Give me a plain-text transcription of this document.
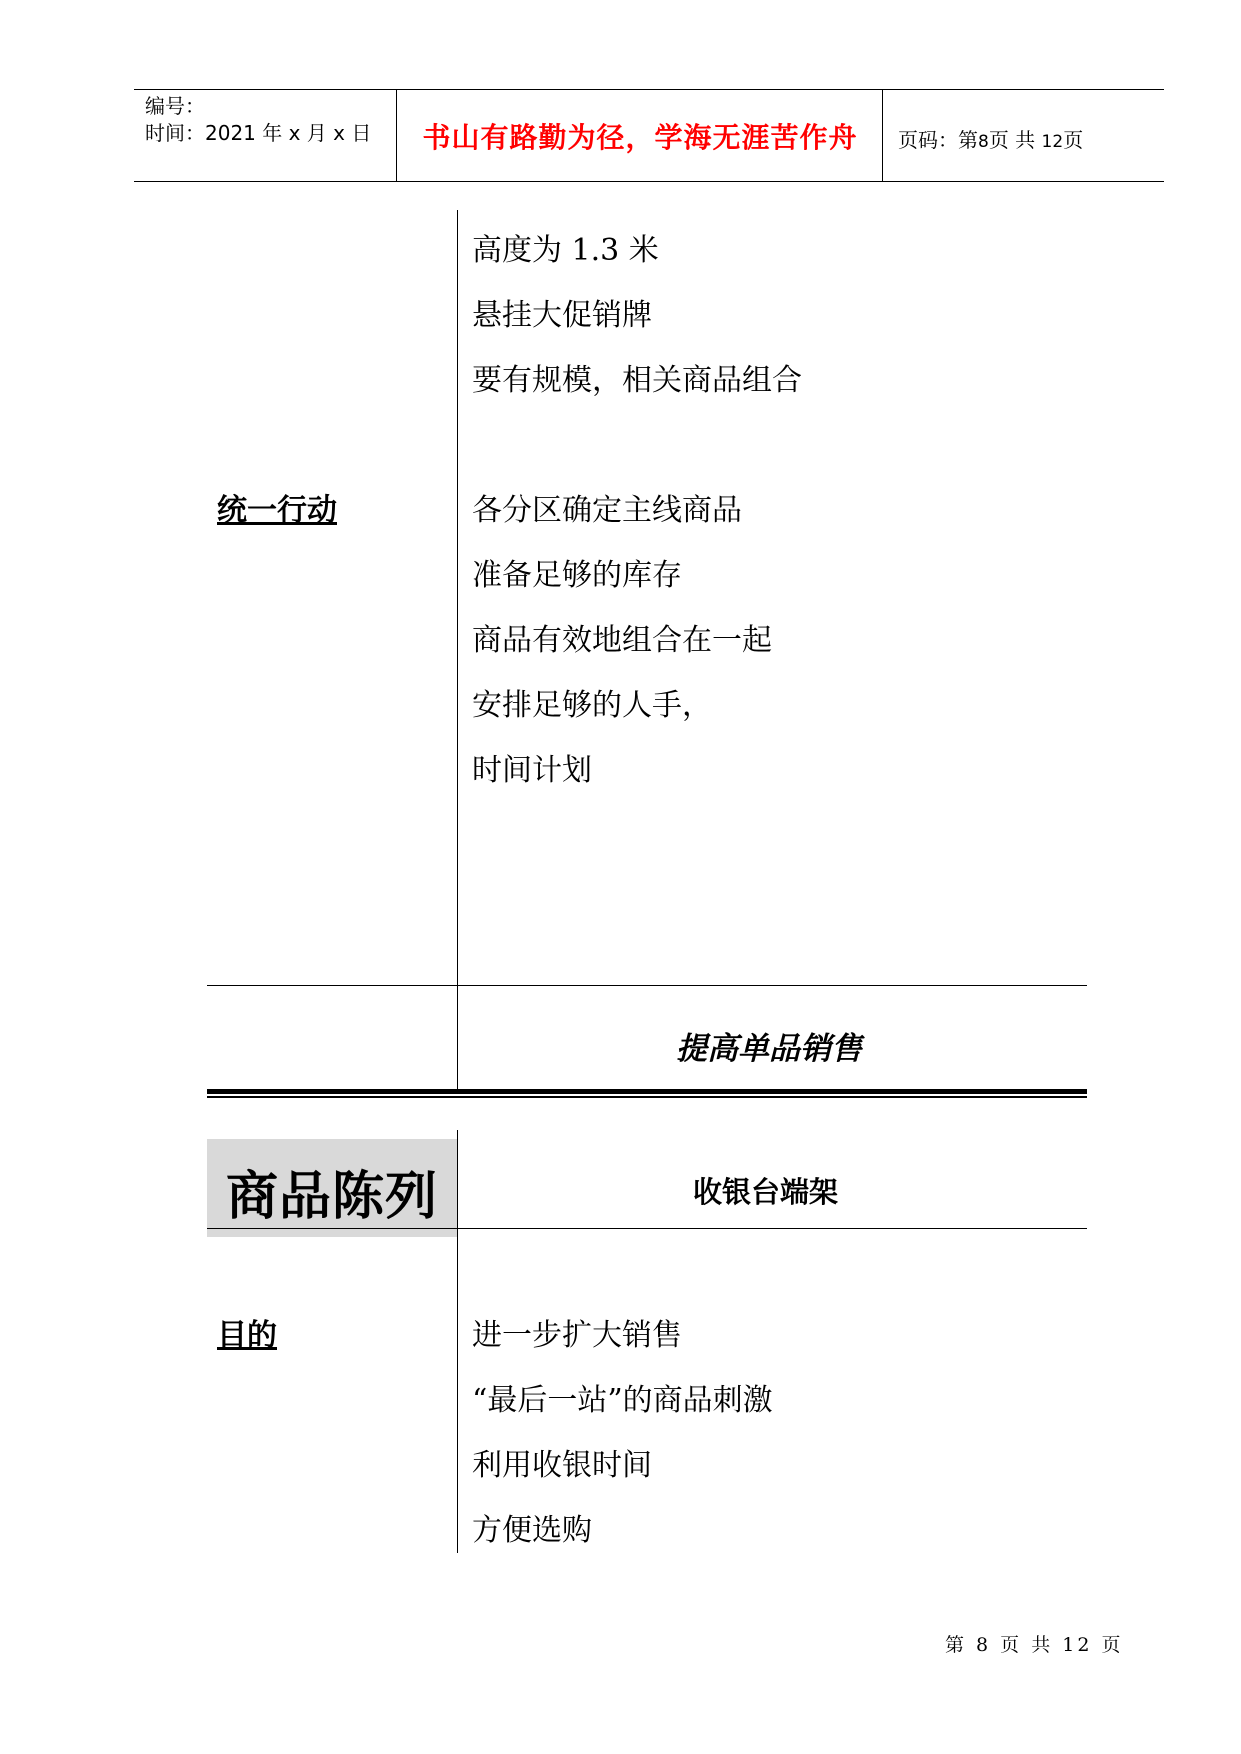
编号：
时间：2021 年 x 月 x 日	书山有路勤为径，学海无涯苦作舟	页码：第8页 共 12页
高度为 1.3 米
悬挂大促销牌
要有规模，相关商品组合
统一行动	各分区确定主线商品
准备足够的库存
商品有效地组合在一起
安排足够的人手，
时间计划
提高单品销售
商品陈列	收银台端架
目的	进一步扩大销售
“最后一站”的商品刺激
利用收银时间
方便选购
第 8 页 共 12 页
